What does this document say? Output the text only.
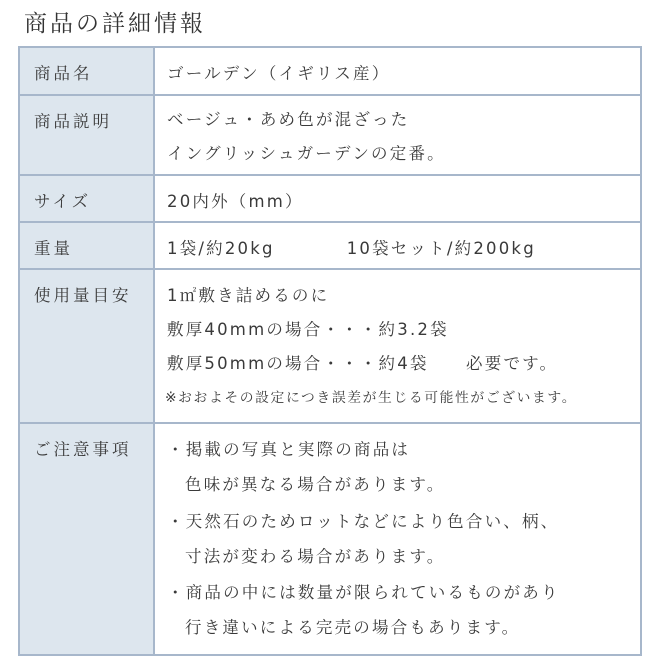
商品の詳細情報
商品名	ゴールデン（イギリス産）
商品説明	ベージュ・あめ色が混ざった
イングリッシュガーデンの定番。
サイズ	20内外（mm）
重量	1袋/約20kg	10袋セット/約200kg
使用量目安 1㎡敷き詰めるのに
敷厚40mmの場合・・・約3.2袋
敷厚50mmの場合・・・約4袋　　必要です。
※おおよその設定につき誤差が生じる可能性がございます。
ご注意事項 ・掲載の写真と実際の商品は
色味が異なる場合があります。
・天然石のためロットなどにより色合い、柄、
寸法が変わる場合があります。
・商品の中には数量が限られているものがあり
行き違いによる完売の場合もあります。
